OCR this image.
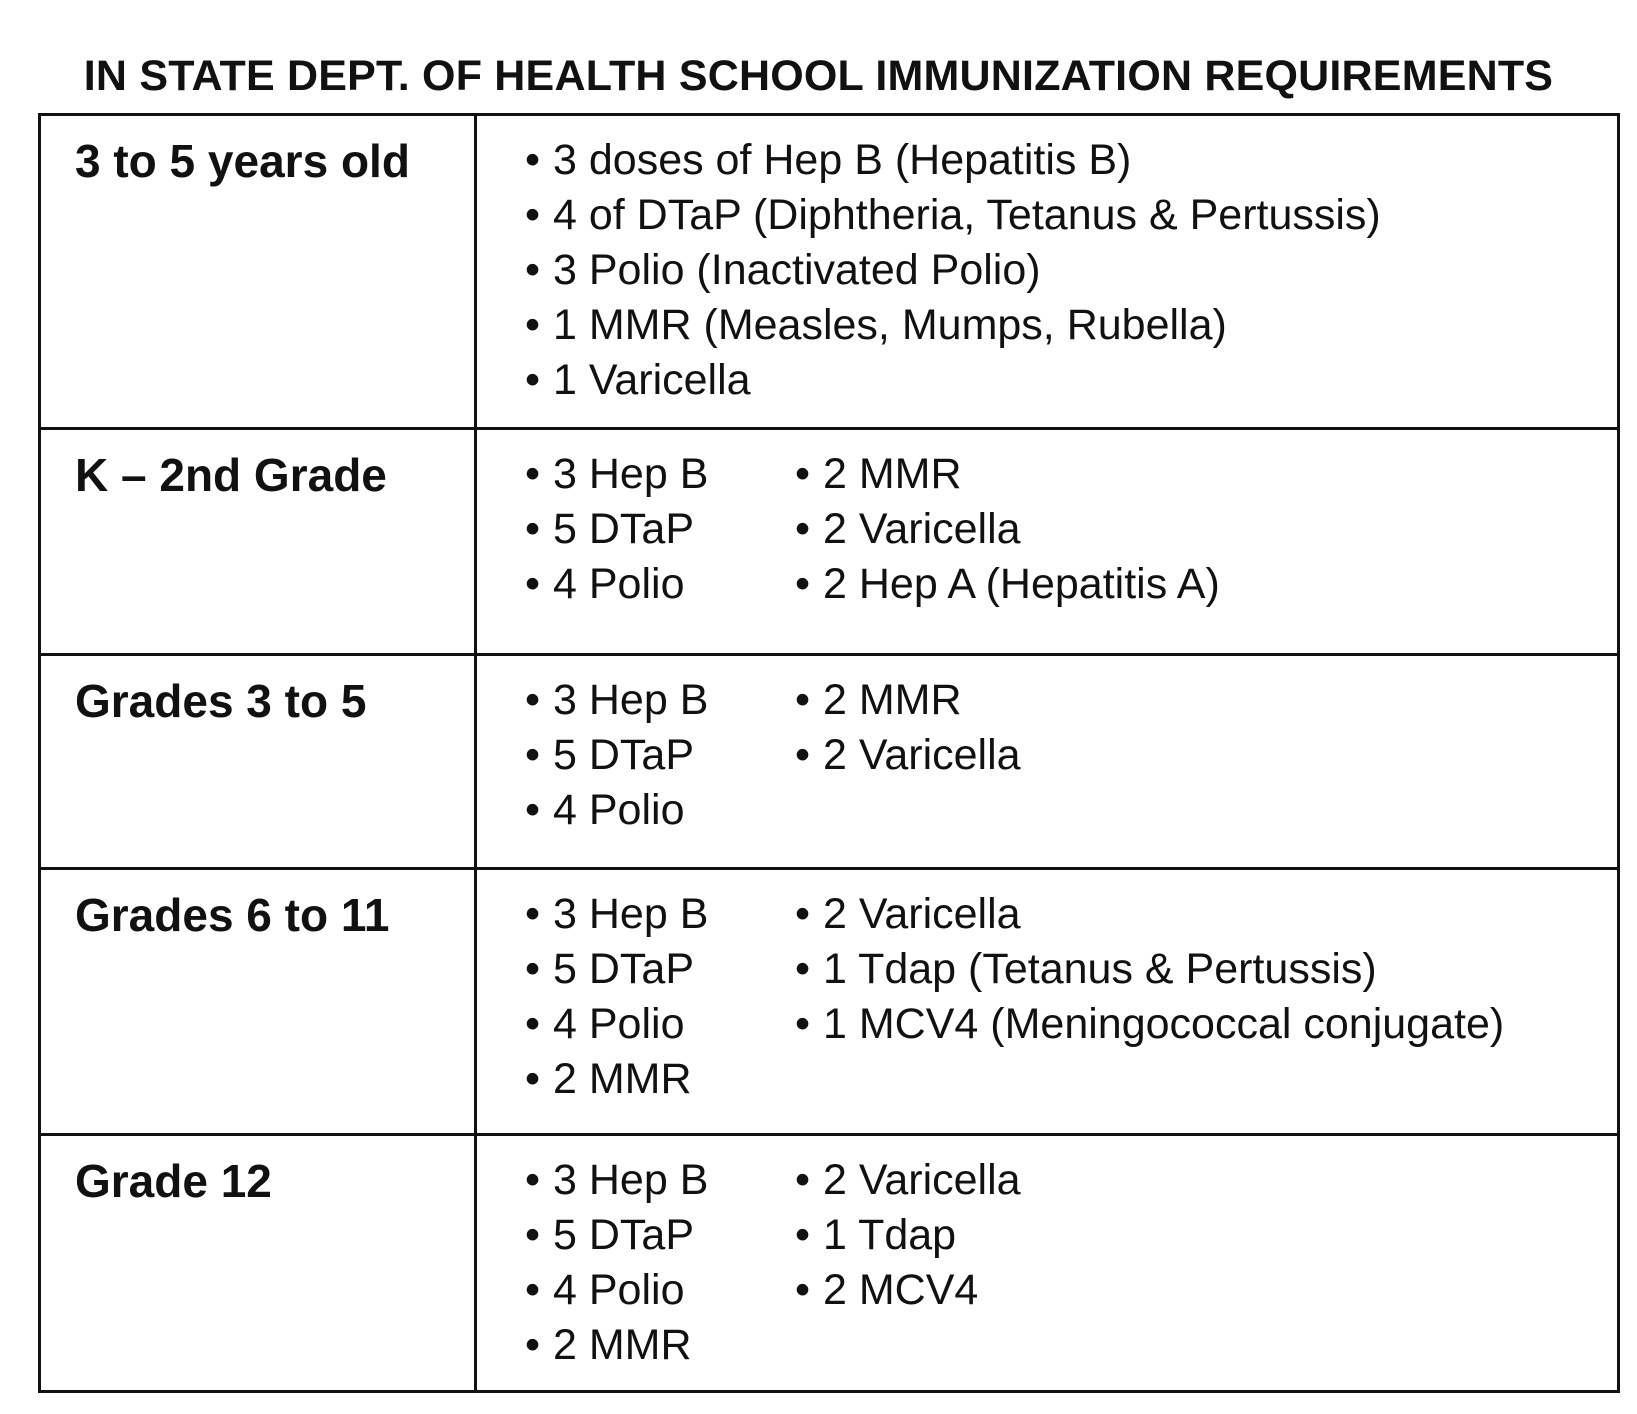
IN STATE DEPT. OF HEALTH SCHOOL IMMUNIZATION REQUIREMENTS
3 to 5 years old	• 3 doses of Hep B (Hepatitis B)
• 4 of DTaP (Diphtheria, Tetanus & Pertussis)
• 3 Polio (Inactivated Polio)
• 1 MMR (Measles, Mumps, Rubella)
• 1 Varicella
K – 2nd Grade	• 3 Hep B
• 5 DTaP
• 4 Polio
• 2 MMR
• 2 Varicella
• 2 Hep A (Hepatitis A)
Grades 3 to 5	• 3 Hep B
• 5 DTaP
• 4 Polio
• 2 MMR
• 2 Varicella
Grades 6 to 11	• 3 Hep B
• 5 DTaP
• 4 Polio
• 2 MMR
• 2 Varicella
• 1 Tdap (Tetanus & Pertussis)
• 1 MCV4 (Meningococcal conjugate)
Grade 12	• 3 Hep B
• 5 DTaP
• 4 Polio
• 2 MMR
• 2 Varicella
• 1 Tdap
• 2 MCV4
